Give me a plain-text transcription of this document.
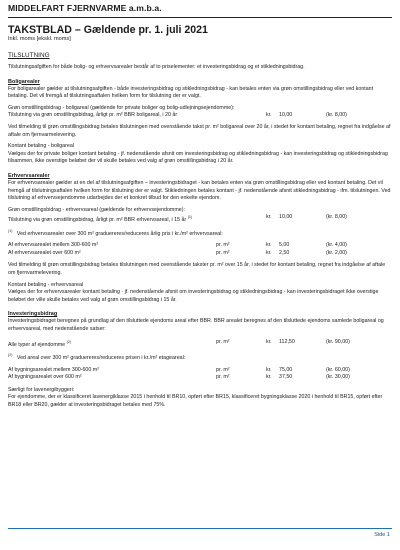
MIDDELFART FJERNVARME a.m.b.a.
TAKSTBLAD – Gældende pr. 1. juli 2021
Inkl. moms [ekskl. moms]
TILSLUTNING

Tilslutningsafgiften for både bolig- og erhvervsarealer består af to priselementer: et investeringsbidrag og et stikledningsbidrag.

Boligarealer

For boligarealer gælder at tilslutningsafgiften - både investeringsbidrag og stikledningsbidrag - kan betales enten via grøn omstillingsbidrag eller ved kontant betaling. Det vil fremgå af tilslutningsaftalen hvilken form for tilslutning der er valgt.

Grøn omstillingsbidrag - boligareal (gældende for private boliger og bolig-udlejningsejendomme):

Tilslutning via grøn omstillingsbidrag, årligt pr. m² BBR boligareal, i 20 år	kr. 10,00	(kr. 8,00)

Ved tilmelding til grøn omstillingsbidrag betales tilslutningen med ovenstående takst pr. m² boligareal over 20 år, i stedet for kontant betaling, regnet fra indgåelse af aftale om fjernvarmelevering.

Kontant betaling - boligareal

Vælges der for private boliger kontant betaling - jf. nedenstående afsnit om investeringsbidrag og stikledningsbidrag - kan investeringsbidrag og stikledningsbidrag tilsammen, ikke overstige beløbet der vil skulle betales ved valg af grøn omstillingsbidrag i 20 år.

Erhvervsarealer

For erhvervsarealer gælder at en del af tilslutningsafgiften – investeringsbidraget - kan betales enten via grøn omstillingsbidrag eller ved kontant betaling. Det vil fremgå af tilslutningsaftalen hvilken form for tilslutning der er valgt. Stikledningen betales kontant - jf. nedenstående afsnit stikledningsbidrag - ifm. tilslutningen. Ved tilslutning af erhvervsejendomme udarbejdes der et konkret tilbud for den enkelte ejendom.

Grøn omstillingsbidrag - erhvervsareal (gældende for erhvervsejendomme):

Tilslutning via grøn omstillingsbidrag, årligt pr. m² BBR erhvervsareal, i 15 år $^{(1)}$	kr. 10,00	(kr. 8,00)
$^{(1)}$ Ved erhvervsarealer over 300 m² graduereres/reduceres årlig pris i kr./m² erhvervsareal:
Af erhvervsarealet mellem 300-600 m²	pr. m²	kr. 5,00	(kr. 4,00)
Af erhvervsarealet over 600 m²	pr. m²	kr. 2,50	(kr. 2,00)

Ved tilmelding til grøn omstillingsbidrag betales tilslutningen med ovenstående takster pr. m² over 15 år, i stedet for kontant betaling, regnet fra indgåelse af aftale om fjernvarmelevering.

Kontant betaling - erhvervsareal

Vælges der for erhvervsarealer kontant betaling - jf. nedenstående afsnit om investeringsbidrag og stikledningsbidrag - kan investeringsbidraget ikke overstige beløbet der ville skulle betales ved valg af grøn omstillingsbidrag i 15 år.

Investeringsbidrag

Investeringsbidraget beregnes på grundlag af den tilsluttede ejendoms areal efter BBR. BBR arealet beregnes af den tilsluttede ejendoms samlede boligareal og erhvervsareal, med nedenstående satser:

Alle typer af ejendomme $^{(2)}$	pr. m²	kr. 112,50	(kr. 90,00)
$^{(2)}$ Ved areal over 300 m² graduereres/reduceres prisen i kr./m² etageareal:
Af bygningsarealet mellem 300-600 m²	pr. m²	kr. 75,00	(kr. 60,00)
Af bygningsarealet over 600 m²	pr. m²	kr. 37,50	(kr. 30,00)

Særligt for lavenergibyggeri:

For ejendomme, der er klassificeret lavenergiklasse 2015 i henhold til BR10, opført efter BR15, klassificeret bygningsklasse 2020 i henhold til BR15, opført efter BR18 eller BR20, gælder at investeringsbidraget betales med 75%.

Side 1
